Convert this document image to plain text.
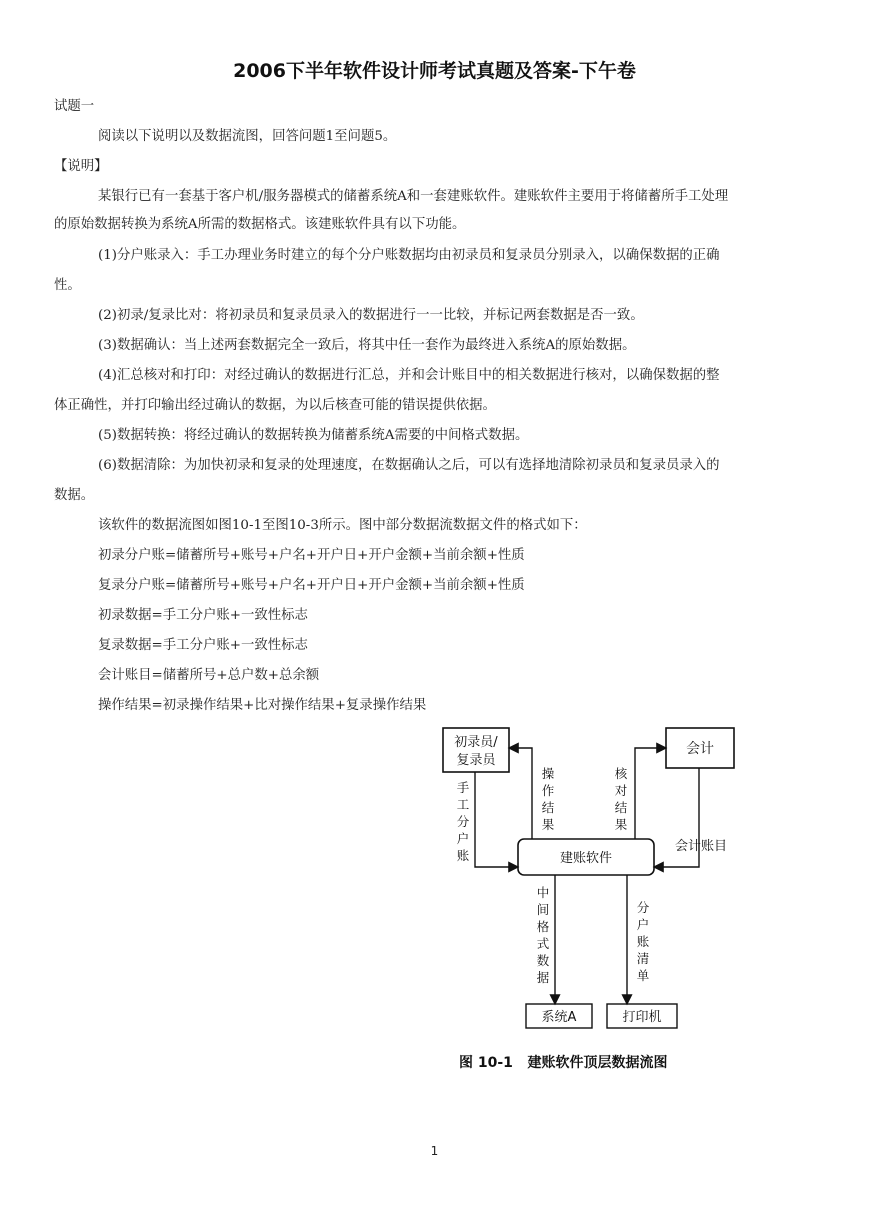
2006下半年软件设计师考试真题及答案-下午卷
试题一
阅读以下说明以及数据流图，回答问题1至问题5。
【说明】
某银行已有一套基于客户机/服务器模式的储蓄系统A和一套建账软件。建账软件主要用于将储蓄所手工处理
的原始数据转换为系统A所需的数据格式。该建账软件具有以下功能。
(1)分户账录入：手工办理业务时建立的每个分户账数据均由初录员和复录员分别录入，以确保数据的正确
性。
(2)初录/复录比对：将初录员和复录员录入的数据进行一一比较，并标记两套数据是否一致。
(3)数据确认：当上述两套数据完全一致后，将其中任一套作为最终进入系统A的原始数据。
(4)汇总核对和打印：对经过确认的数据进行汇总，并和会计账目中的相关数据进行核对，以确保数据的整
体正确性，并打印输出经过确认的数据，为以后核查可能的错误提供依据。
(5)数据转换：将经过确认的数据转换为储蓄系统A需要的中间格式数据。
(6)数据清除：为加快初录和复录的处理速度，在数据确认之后，可以有选择地清除初录员和复录员录入的
数据。
该软件的数据流图如图10-1至图10-3所示。图中部分数据流数据文件的格式如下：
初录分户账=储蓄所号+账号+户名+开户日+开户金额+当前余额+性质
复录分户账=储蓄所号+账号+户名+开户日+开户金额+当前余额+性质
初录数据=手工分户账+一致性标志
复录数据=手工分户账+一致性标志
会计账目=储蓄所号+总户数+总余额
操作结果=初录操作结果+比对操作结果+复录操作结果
初录员/
复录员
会计
建账软件
系统A	打印机
手
工
分
户
账
操
作
结
果
核
对
结
果
会计账目
中
间
格
式
数
据
分
户
账
清
单
图 10-1   建账软件顶层数据流图
1
